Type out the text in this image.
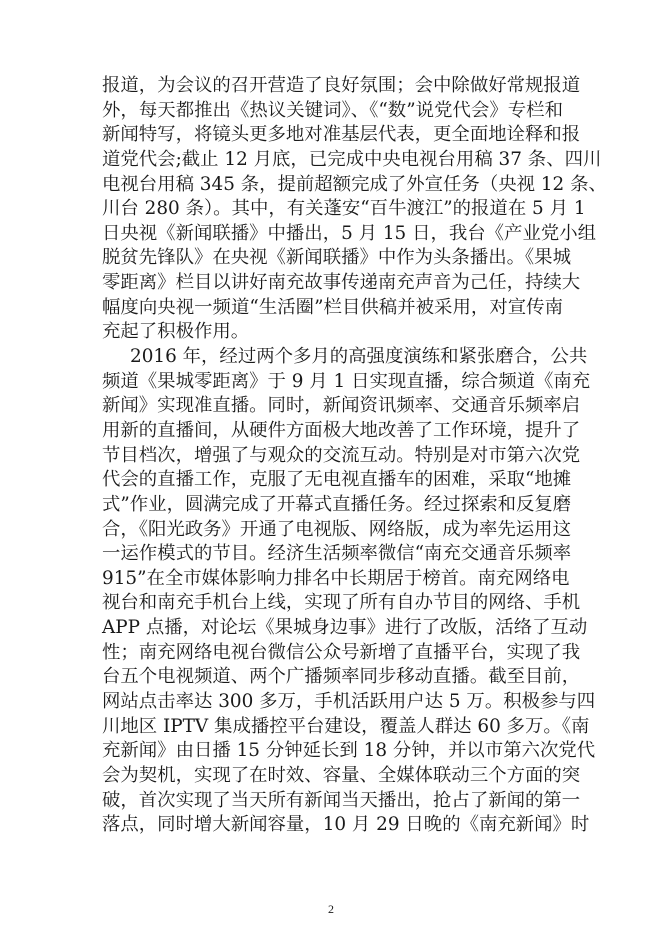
报道，为会议的召开营造了良好氛围；会中除做好常规报道
外，每天都推出《热议关键词》、《“数”说党代会》专栏和
新闻特写，将镜头更多地对准基层代表，更全面地诠释和报
道党代会;截止 12 月底，已完成中央电视台用稿 37 条、四川
电视台用稿 345 条，提前超额完成了外宣任务（央视 12 条、
川台 280 条）。其中，有关蓬安“百牛渡江”的报道在 5 月 1
日央视《新闻联播》中播出，5 月 15 日，我台《产业党小组
脱贫先锋队》在央视《新闻联播》中作为头条播出。《果城
零距离》栏目以讲好南充故事传递南充声音为己任，持续大
幅度向央视一频道“生活圈”栏目供稿并被采用，对宣传南
充起了积极作用。
2016 年，经过两个多月的高强度演练和紧张磨合，公共
频道《果城零距离》于 9 月 1 日实现直播，综合频道《南充
新闻》实现准直播。同时，新闻资讯频率、交通音乐频率启
用新的直播间，从硬件方面极大地改善了工作环境，提升了
节目档次，增强了与观众的交流互动。特别是对市第六次党
代会的直播工作，克服了无电视直播车的困难，采取“地摊
式”作业，圆满完成了开幕式直播任务。经过探索和反复磨
合，《阳光政务》开通了电视版、网络版，成为率先运用这
一运作模式的节目。经济生活频率微信“南充交通音乐频率
915”在全市媒体影响力排名中长期居于榜首。南充网络电
视台和南充手机台上线，实现了所有自办节目的网络、手机
APP 点播，对论坛《果城身边事》进行了改版，活络了互动
性；南充网络电视台微信公众号新增了直播平台，实现了我
台五个电视频道、两个广播频率同步移动直播。截至目前，
网站点击率达 300 多万，手机活跃用户达 5 万。积极参与四
川地区 IPTV 集成播控平台建设，覆盖人群达 60 多万。《南
充新闻》由日播 15 分钟延长到 18 分钟，并以市第六次党代
会为契机，实现了在时效、容量、全媒体联动三个方面的突
破，首次实现了当天所有新闻当天播出，抢占了新闻的第一
落点，同时增大新闻容量，10 月 29 日晚的《南充新闻》时
2
